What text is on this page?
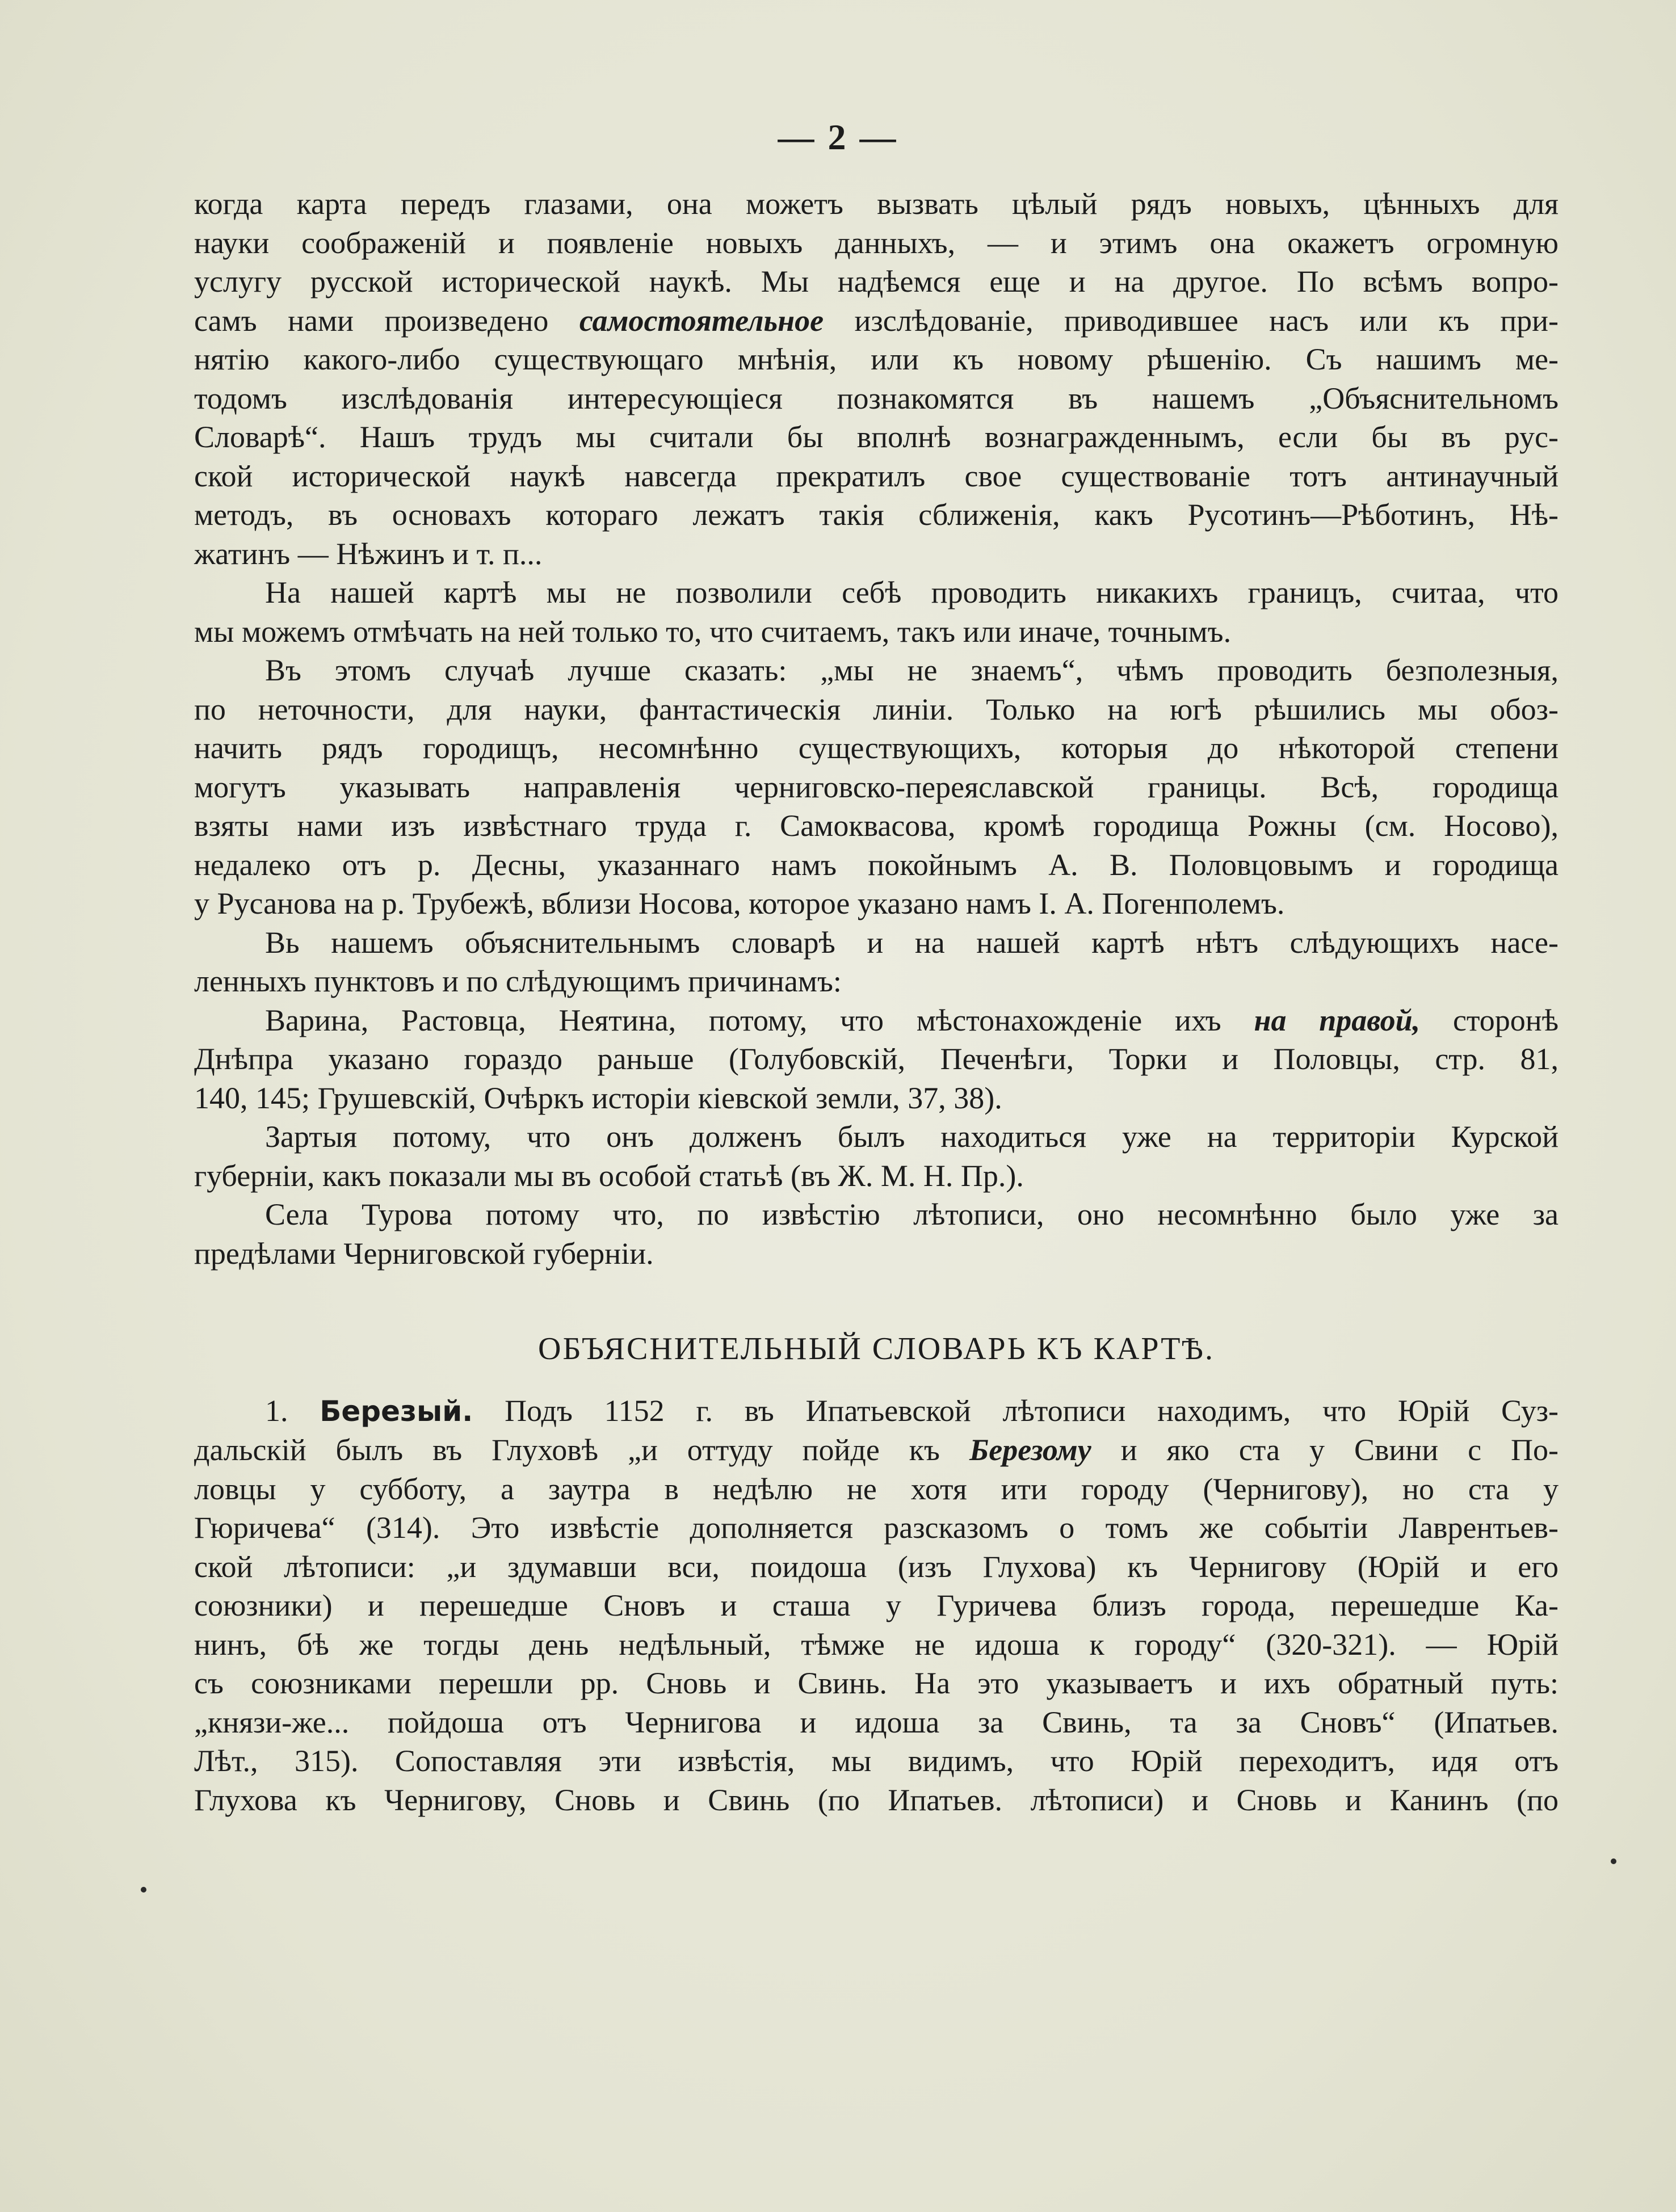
— 2 —

когда карта передъ глазами, она можетъ вызвать цѣлый рядъ новыхъ, цѣнныхъ для

науки соображеній и появленіе новыхъ данныхъ, — и этимъ она окажетъ огромную

услугу русской исторической наукѣ. Мы надѣемся еще и на другое. По всѣмъ вопро-

самъ нами произведено самостоятельное изслѣдованіе, приводившее насъ или къ при-

нятію какого-либо существующаго мнѣнія, или къ новому рѣшенію. Съ нашимъ ме-

тодомъ изслѣдованія интересующіеся познакомятся въ нашемъ „Объяснительномъ

Словарѣ“. Нашъ трудъ мы считали бы вполнѣ вознагражденнымъ, если бы въ рус-

ской исторической наукѣ навсегда прекратилъ свое существованіе тотъ антинаучный

методъ, въ основахъ котораго лежатъ такія сближенія, какъ Русотинъ—Рѣботинъ, Нѣ-

жатинъ — Нѣжинъ и т. п...

На нашей картѣ мы не позволили себѣ проводить никакихъ границъ, считаа, что

мы можемъ отмѣчать на ней только то, что считаемъ, такъ или иначе, точнымъ.

Въ этомъ случаѣ лучше сказать: „мы не знаемъ“, чѣмъ проводить безполезныя,

по неточности, для науки, фантастическія линіи. Только на югѣ рѣшились мы обоз-

начить рядъ городищъ, несомнѣнно существующихъ, которыя до нѣкоторой степени

могутъ указывать направленія черниговско-переяславской границы. Всѣ, городища

взяты нами изъ извѣстнаго труда г. Самоквасова, кромѣ городища Рожны (см. Носово),

недалеко отъ р. Десны, указаннаго намъ покойнымъ А. В. Половцовымъ и городища

у Русанова на р. Трубежѣ, вблизи Носова, которое указано намъ І. А. Погенполемъ.

Вь нашемъ объяснительнымъ словарѣ и на нашей картѣ нѣтъ слѣдующихъ насе-

ленныхъ пунктовъ и по слѣдующимъ причинамъ:

Варина, Растовца, Неятина, потому, что мѣстонахожденіе ихъ на правой, сторонѣ

Днѣпра указано гораздо раньше (Голубовскій, Печенѣги, Торки и Половцы, стр. 81,

140, 145; Грушевскій, Очѣркъ исторіи кіевской земли, 37, 38).

Зартыя потому, что онъ долженъ былъ находиться уже на территоріи Курской

губерніи, какъ показали мы въ особой статьѣ (въ Ж. М. Н. Пр.).

Села Турова потому что, по извѣстію лѣтописи, оно несомнѣнно было уже за

предѣлами Черниговской губерніи.

ОБЪЯСНИТЕЛЬНЫЙ СЛОВАРЬ КЪ КАРТѢ.

1. Березый. Подъ 1152 г. въ Ипатьевской лѣтописи находимъ, что Юрій Суз-

дальскій былъ въ Глуховѣ „и оттуду пойде къ Березому и яко ста у Свини с По-

ловцы у субботу, а заутра в недѣлю не хотя ити городу (Чернигову), но ста у

Гюричева“ (314). Это извѣстіе дополняется разсказомъ о томъ же событіи Лаврентьев-

ской лѣтописи: „и здумавши вси, поидоша (изъ Глухова) къ Чернигову (Юрій и его

союзники) и перешедше Сновъ и сташа у Гуричева близъ города, перешедше Ка-

нинъ, бѣ же тогды день недѣльный, тѣмже не идоша к городу“ (320-321). — Юрій

съ союзниками перешли рр. Сновь и Свинь. На это указываетъ и ихъ обратный путь:

„князи-же... пойдоша отъ Чернигова и идоша за Свинь, та за Сновъ“ (Ипатьев.

Лѣт., 315). Сопоставляя эти извѣстія, мы видимъ, что Юрій переходитъ, идя отъ

Глухова къ Чернигову, Сновь и Свинь (по Ипатьев. лѣтописи) и Сновь и Канинъ (по
